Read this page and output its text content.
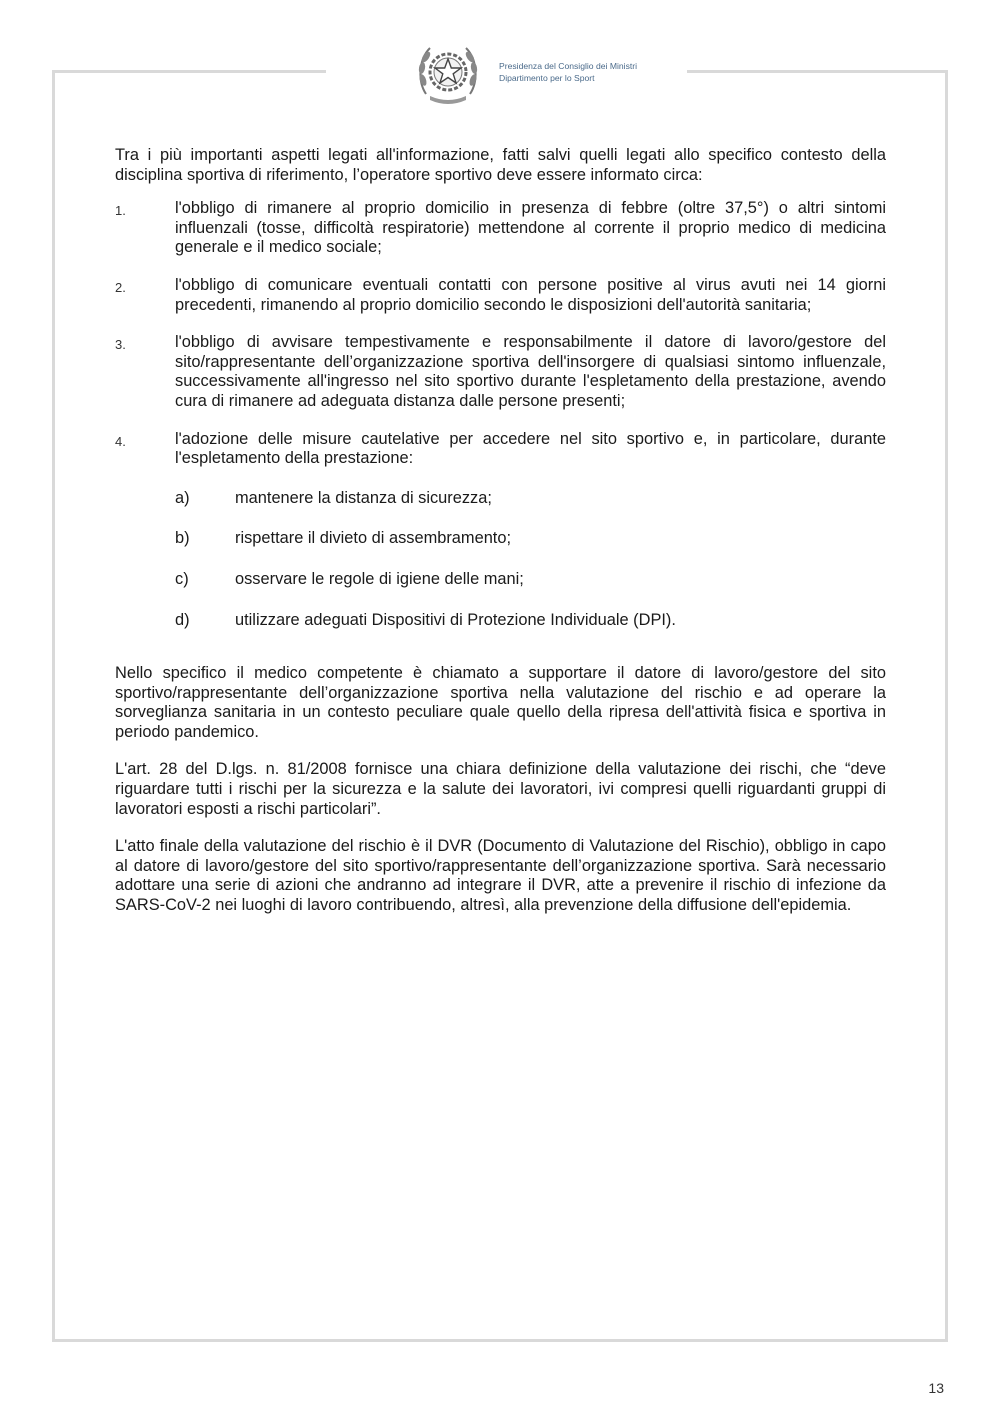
Presidenza del Consiglio dei Ministri
Dipartimento per lo Sport

Tra i più importanti aspetti legati all'informazione, fatti salvi quelli legati allo specifico contesto della disciplina sportiva di riferimento, l’operatore sportivo deve essere informato circa:

1.	l'obbligo di rimanere al proprio domicilio in presenza di febbre (oltre 37,5°) o altri sintomi influenzali (tosse, difficoltà respiratorie) mettendone al corrente il proprio medico di medicina generale e il medico sociale;

2.	l'obbligo di comunicare eventuali contatti con persone positive al virus avuti nei 14 giorni precedenti, rimanendo al proprio domicilio secondo le disposizioni dell'autorità sanitaria;

3.	l'obbligo di avvisare tempestivamente e responsabilmente il datore di lavoro/gestore del sito/rappresentante dell’organizzazione sportiva dell'insorgere di qualsiasi sintomo influenzale, successivamente all'ingresso nel sito sportivo durante l'espletamento della prestazione, avendo cura di rimanere ad adeguata distanza dalle persone presenti;

4.	l'adozione delle misure cautelative per accedere nel sito sportivo e, in particolare, durante l'espletamento della prestazione:

a)	mantenere la distanza di sicurezza;
b)	rispettare il divieto di assembramento;
c)	osservare le regole di igiene delle mani;
d)	utilizzare adeguati Dispositivi di Protezione Individuale (DPI).

Nello specifico il medico competente è chiamato a supportare il datore di lavoro/gestore del sito sportivo/rappresentante dell’organizzazione sportiva nella valutazione del rischio e ad operare la sorveglianza sanitaria in un contesto peculiare quale quello della ripresa dell'attività fisica e sportiva in periodo pandemico.

L'art. 28 del D.lgs. n. 81/2008 fornisce una chiara definizione della valutazione dei rischi, che “deve riguardare tutti i rischi per la sicurezza e la salute dei lavoratori, ivi compresi quelli riguardanti gruppi di lavoratori esposti a rischi particolari”.

L'atto finale della valutazione del rischio è il DVR (Documento di Valutazione del Rischio), obbligo in capo al datore di lavoro/gestore del sito sportivo/rappresentante dell’organizzazione sportiva. Sarà necessario adottare una serie di azioni che andranno ad integrare il DVR, atte a prevenire il rischio di infezione da SARS-CoV-2 nei luoghi di lavoro contribuendo, altresì, alla prevenzione della diffusione dell'epidemia.

13
